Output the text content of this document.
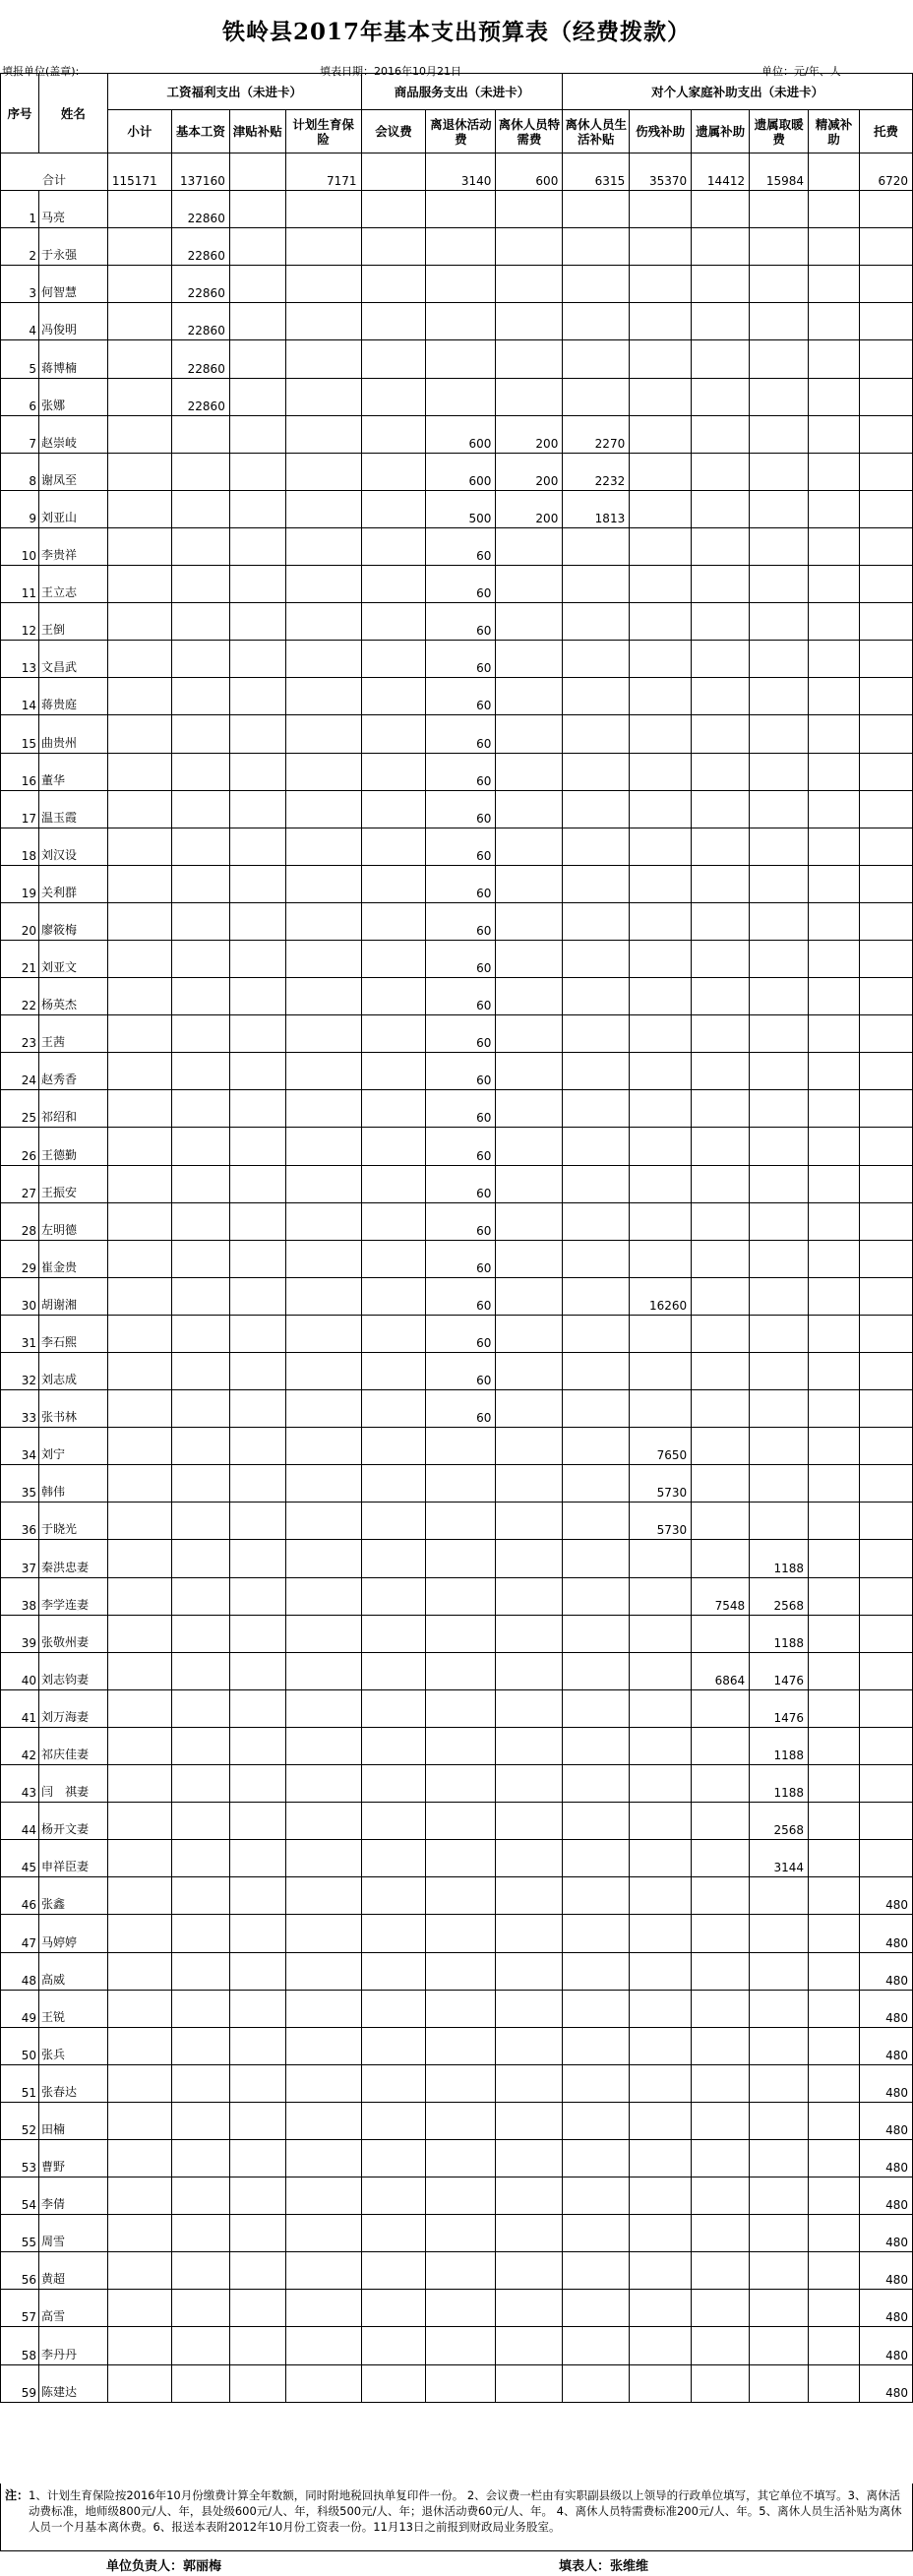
铁岭县2017年基本支出预算表（经费拨款）
填报单位(盖章):	填表日期：2016年10月21日	单位：元/年、人
序号	姓名	工资福利支出（未进卡）				商品服务支出（未进卡）			对个人家庭补助支出（未进卡）					
		小计	基本工资	津贴补贴	计划生育保险	会议费	离退休活动费	离休人员特需费	离休人员生活补贴	伤残补助	遗属补助	遗属取暖费	精减补助	托费
合计		115171	137160		7171		3140	600	6315	35370	14412	15984		6720
1	马亮		22860											
2	于永强		22860											
3	何智慧		22860											
4	冯俊明		22860											
5	蒋博楠		22860											
6	张娜		22860											
7	赵崇岐						600	200	2270					
8	谢凤至						600	200	2232					
9	刘亚山						500	200	1813					
10	李贵祥						60							
11	王立志						60							
12	王倒						60							
13	文昌武						60							
14	蒋贵庭						60							
15	曲贵州						60							
16	董华						60							
17	温玉霞						60							
18	刘汉设						60							
19	关利群						60							
20	廖筱梅						60							
21	刘亚文						60							
22	杨英杰						60							
23	王茜						60							
24	赵秀香						60							
25	祁绍和						60							
26	王德勤						60							
27	王振安						60							
28	左明德						60							
29	崔金贵						60							
30	胡谢湘						60			16260				
31	李石熙						60							
32	刘志成						60							
33	张书林						60							
34	刘宁									7650				
35	韩伟									5730				
36	于晓光									5730				
37	秦洪忠妻											1188		
38	李学连妻										7548	2568		
39	张敬州妻											1188		
40	刘志钧妻										6864	1476		
41	刘万海妻											1476		
42	祁庆佳妻											1188		
43	闫　祺妻											1188		
44	杨开文妻											2568		
45	申祥臣妻											3144		
46	张鑫													480
47	马婷婷													480
48	高威													480
49	王锐													480
50	张兵													480
51	张春达													480
52	田楠													480
53	曹野													480
54	李倩													480
55	周雪													480
56	黄超													480
57	高雪													480
58	李丹丹													480
59	陈建达													480
注： 1、计划生育保险按2016年10月份缴费计算全年数额，同时附地税回执单复印件一份。 2、会议费一栏由有实职副县级以上领导的行政单位填写，其它单位不填写。3、离休活动费标准，地师级800元/人、年，县处级600元/人、年，科级500元/人、年；退休活动费60元/人、年。 4、离休人员特需费标准200元/人、年。5、离休人员生活补贴为离休人员一个月基本离休费。6、报送本表附2012年10月份工资表一份。11月13日之前报到财政局业务股室。
单位负责人：郭丽梅	填表人：张维维
